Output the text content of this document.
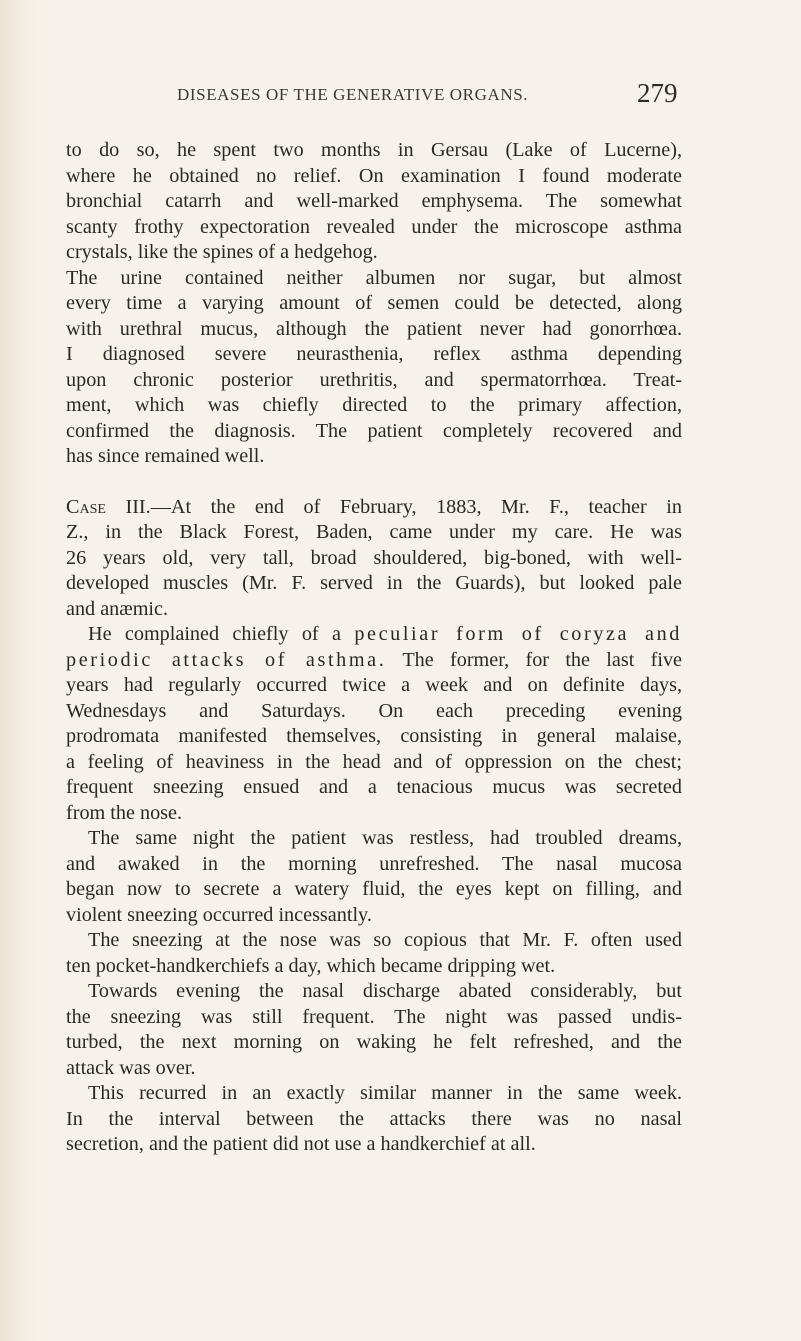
DISEASES OF THE GENERATIVE ORGANS.	279
to do so, he spent two months in Gersau (Lake of Lucerne),
where he obtained no relief. On examination I found moderate
bronchial catarrh and well-marked emphysema. The somewhat
scanty frothy expectoration revealed under the microscope asthma
crystals, like the spines of a hedgehog.
The urine contained neither albumen nor sugar, but almost
every time a varying amount of semen could be detected, along
with urethral mucus, although the patient never had gonorrhœa.
I diagnosed severe neurasthenia, reflex asthma depending
upon chronic posterior urethritis, and spermatorrhœa. Treat-
ment, which was chiefly directed to the primary affection,
confirmed the diagnosis. The patient completely recovered and
has since remained well.
Case III.—At the end of February, 1883, Mr. F., teacher in
Z., in the Black Forest, Baden, came under my care. He was
26 years old, very tall, broad shouldered, big-boned, with well-
developed muscles (Mr. F. served in the Guards), but looked pale
and anæmic.
He complained chiefly of a peculiar form of coryza and
periodic attacks of asthma. The former, for the last five
years had regularly occurred twice a week and on definite days,
Wednesdays and Saturdays. On each preceding evening
prodromata manifested themselves, consisting in general malaise,
a feeling of heaviness in the head and of oppression on the chest;
frequent sneezing ensued and a tenacious mucus was secreted
from the nose.
The same night the patient was restless, had troubled dreams,
and awaked in the morning unrefreshed. The nasal mucosa
began now to secrete a watery fluid, the eyes kept on filling, and
violent sneezing occurred incessantly.
The sneezing at the nose was so copious that Mr. F. often used
ten pocket-handkerchiefs a day, which became dripping wet.
Towards evening the nasal discharge abated considerably, but
the sneezing was still frequent. The night was passed undis-
turbed, the next morning on waking he felt refreshed, and the
attack was over.
This recurred in an exactly similar manner in the same week.
In the interval between the attacks there was no nasal
secretion, and the patient did not use a handkerchief at all.
